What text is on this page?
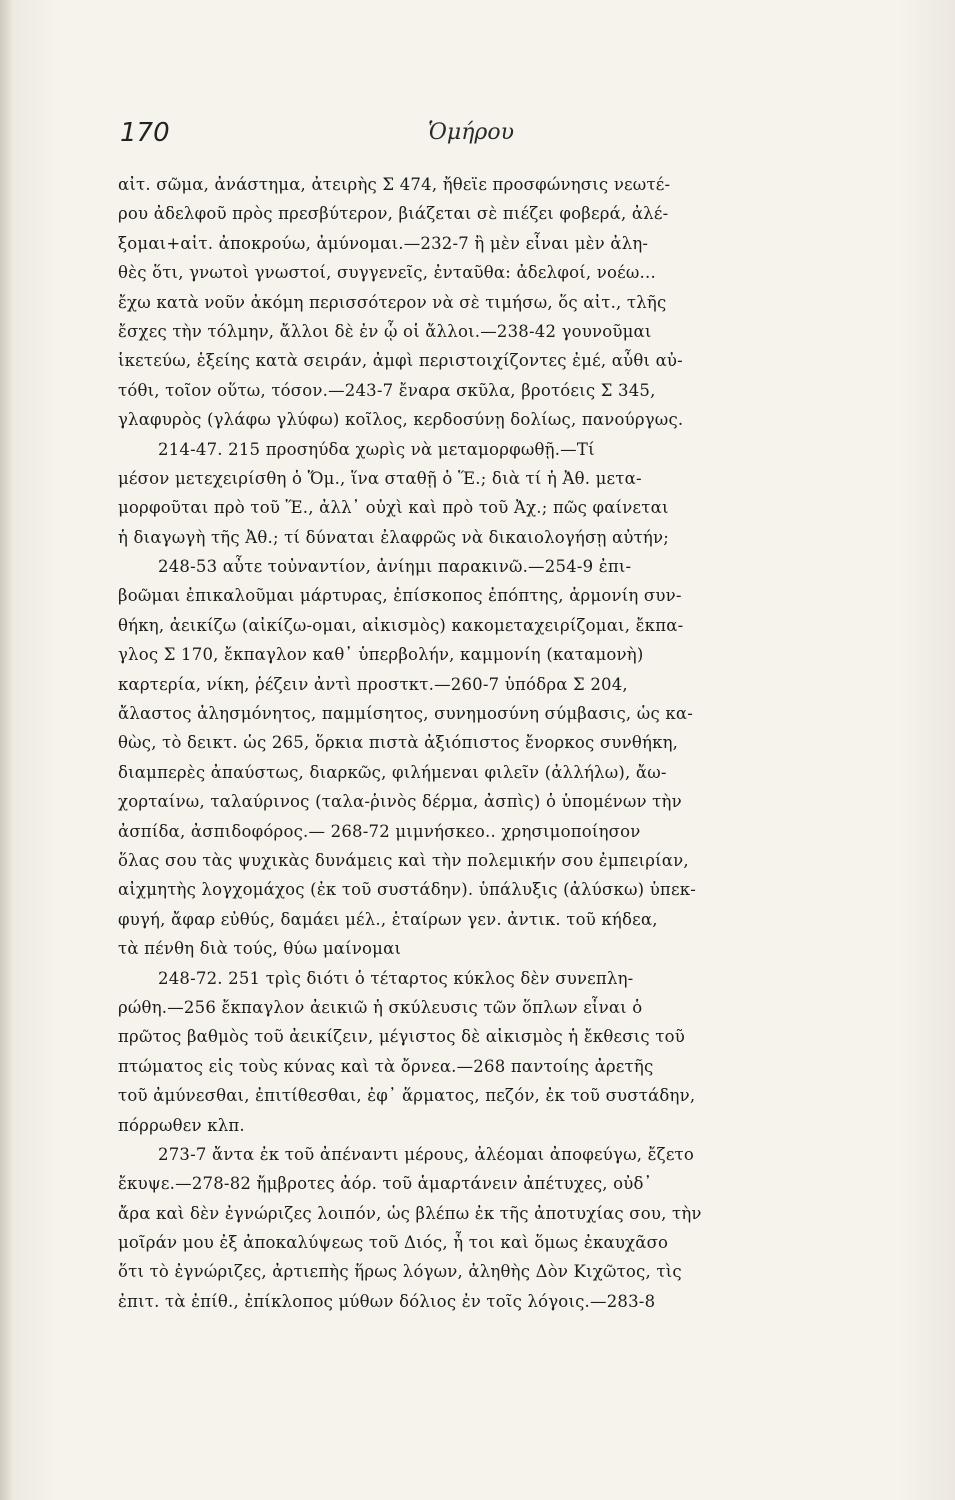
170	Ὁμήρου
αἰτ. σῶμα, ἀνάστημα, ἀτειρὴς Σ 474, ἤθεϊε προσφώνησις νεωτέ-
ρου ἀδελφοῦ πρὸς πρεσβύτερον, βιάζεται σὲ πιέζει φοβερά, ἀλέ-
ξομαι+αἰτ. ἀποκρούω, ἀμύνομαι.—232-7 ἢ μὲν εἶναι μὲν ἀλη-
θὲς ὅτι, γνωτοὶ γνωστοί, συγγενεῖς, ἐνταῦθα: ἀδελφοί, νοέω...
ἔχω κατὰ νοῦν ἀκόμη περισσότερον νὰ σὲ τιμήσω, ὅς αἰτ., τλῆς
ἔσχες τὴν τόλμην, ἄλλοι δὲ ἐν ᾧ οἱ ἄλλοι.—238-42 γουνοῦμαι
ἱκετεύω, ἑξείης κατὰ σειράν, ἀμφὶ περιστοιχίζοντες ἐμέ, αὖθι αὐ-
τόθι, τοῖον οὕτω, τόσον.—243-7 ἔναρα σκῦλα, βροτόεις Σ 345,
γλαφυρὸς (γλάφω γλύφω) κοῖλος, κερδοσύνῃ δολίως, πανούργως.
214-47. 215 προσηύδα χωρὶς νὰ μεταμορφωθῇ.—Τί
μέσον μετεχειρίσθη ὁ Ὅμ., ἵνα σταθῇ ὁ Ἕ.; διὰ τί ἡ Ἀθ. μετα-
μορφοῦται πρὸ τοῦ Ἕ., ἀλλ᾽ οὐχὶ καὶ πρὸ τοῦ Ἀχ.; πῶς φαίνεται
ἡ διαγωγὴ τῆς Ἀθ.; τί δύναται ἐλαφρῶς νὰ δικαιολογήσῃ αὐτήν;
248-53 αὖτε τοὐναντίον, ἀνίημι παρακινῶ.—254-9 ἐπι-
βοῶμαι ἐπικαλοῦμαι μάρτυρας, ἐπίσκοπος ἐπόπτης, ἁρμονίη συν-
θήκη, ἀεικίζω (αἰκίζω-ομαι, αἰκισμὸς) κακομεταχειρίζομαι, ἔκπα-
γλος Σ 170, ἔκπαγλον καθ᾽ ὑπερβολήν, καμμονίη (καταμονὴ)
καρτερία, νίκη, ῥέζειν ἀντὶ προστκτ.—260-7 ὑπόδρα Σ 204,
ἄλαστος ἀλησμόνητος, παμμίσητος, συνημοσύνη σύμβασις, ὡς κα-
θὼς, τὸ δεικτ. ὡς 265, ὅρκια πιστὰ ἀξιόπιστος ἔνορκος συνθήκη,
διαμπερὲς ἀπαύστως, διαρκῶς, φιλήμεναι φιλεῖν (ἀλλήλω), ἄω-
χορταίνω, ταλαύρινος (ταλα-ῥινὸς δέρμα, ἀσπὶς) ὁ ὑπομένων τὴν
ἀσπίδα, ἀσπιδοφόρος.— 268-72 μιμνήσκεο.. χρησιμοποίησον
ὅλας σου τὰς ψυχικὰς δυνάμεις καὶ τὴν πολεμικήν σου ἐμπειρίαν,
αἰχμητὴς λογχομάχος (ἐκ τοῦ συστάδην). ὑπάλυξις (ἀλύσκω) ὑπεκ-
φυγή, ἄφαρ εὐθύς, δαμάει μέλ., ἑταίρων γεν. ἀντικ. τοῦ κήδεα,
τὰ πένθη διὰ τούς, θύω μαίνομαι
248-72. 251 τρὶς διότι ὁ τέταρτος κύκλος δὲν συνεπλη-
ρώθη.—256 ἔκπαγλον ἀεικιῶ ἡ σκύλευσις τῶν ὅπλων εἶναι ὁ
πρῶτος βαθμὸς τοῦ ἀεικίζειν, μέγιστος δὲ αἰκισμὸς ἡ ἔκθεσις τοῦ
πτώματος εἰς τοὺς κύνας καὶ τὰ ὄρνεα.—268 παντοίης ἀρετῆς
τοῦ ἀμύνεσθαι, ἐπιτίθεσθαι, ἐφ᾽ ἅρματος, πεζόν, ἐκ τοῦ συστάδην,
πόρρωθεν κλπ.
273-7 ἄντα ἐκ τοῦ ἀπέναντι μέρους, ἀλέομαι ἀποφεύγω, ἔζετο
ἔκυψε.—278-82 ἤμβροτες ἀόρ. τοῦ ἁμαρτάνειν ἀπέτυχες, οὐδ᾽
ἄρα καὶ δὲν ἐγνώριζες λοιπόν, ὡς βλέπω ἐκ τῆς ἀποτυχίας σου, τὴν
μοῖράν μου ἐξ ἀποκαλύψεως τοῦ Διός, ἦ τοι καὶ ὅμως ἐκαυχᾶσο
ὅτι τὸ ἐγνώριζες, ἀρτιεπὴς ἥρως λόγων, ἀληθὴς Δὸν Κιχῶτος, τὶς
ἐπιτ. τὰ ἐπίθ., ἐπίκλοπος μύθων δόλιος ἐν τοῖς λόγοις.—283-8
